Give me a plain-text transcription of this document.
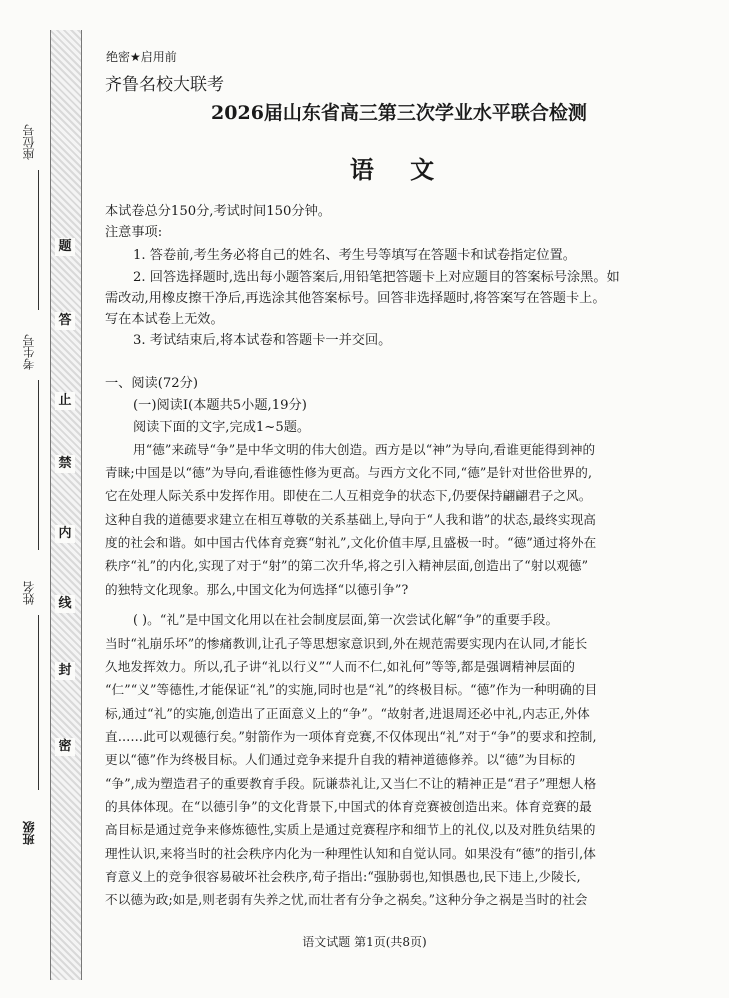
题
答
止
禁
内
线
封
密
座位号
考生号
姓名
班级
绝密★启用前
齐鲁名校大联考
2026届山东省高三第三次学业水平联合检测
语 文
本试卷总分150分,考试时间150分钟。
注意事项:
1. 答卷前,考生务必将自己的姓名、考生号等填写在答题卡和试卷指定位置。
2. 回答选择题时,选出每小题答案后,用铅笔把答题卡上对应题目的答案标号涂黑。如
需改动,用橡皮擦干净后,再选涂其他答案标号。回答非选择题时,将答案写在答题卡上。
写在本试卷上无效。
3. 考试结束后,将本试卷和答题卡一并交回。
一、阅读(72分)
(一)阅读Ⅰ(本题共5小题,19分)
阅读下面的文字,完成1~5题。
用“德”来疏导“争”是中华文明的伟大创造。西方是以“神”为导向,看谁更能得到神的
青睐;中国是以“德”为导向,看谁德性修为更高。与西方文化不同,“德”是针对世俗世界的,
它在处理人际关系中发挥作用。即使在二人互相竞争的状态下,仍要保持翩翩君子之风。
这种自我的道德要求建立在相互尊敬的关系基础上,导向于“人我和谐”的状态,最终实现高
度的社会和谐。如中国古代体育竞赛“射礼”,文化价值丰厚,且盛极一时。“德”通过将外在
秩序“礼”的内化,实现了对于“射”的第二次升华,将之引入精神层面,创造出了“射以观德”
的独特文化现象。那么,中国文化为何选择“以德引争”?
( )。“礼”是中国文化用以在社会制度层面,第一次尝试化解“争”的重要手段。
当时“礼崩乐坏”的惨痛教训,让孔子等思想家意识到,外在规范需要实现内在认同,才能长
久地发挥效力。所以,孔子讲“礼以行义”“人而不仁,如礼何”等等,都是强调精神层面的
“仁”“义”等德性,才能保证“礼”的实施,同时也是“礼”的终极目标。“德”作为一种明确的目
标,通过“礼”的实施,创造出了正面意义上的“争”。“故射者,进退周还必中礼,内志正,外体
直……此可以观德行矣。”射箭作为一项体育竞赛,不仅体现出“礼”对于“争”的要求和控制,
更以“德”作为终极目标。人们通过竞争来提升自我的精神道德修养。以“德”为目标的
“争”,成为塑造君子的重要教育手段。阮谦恭礼让,又当仁不让的精神正是“君子”理想人格
的具体体现。在“以德引争”的文化背景下,中国式的体育竞赛被创造出来。体育竞赛的最
高目标是通过竞争来修炼德性,实质上是通过竞赛程序和细节上的礼仪,以及对胜负结果的
理性认识,来将当时的社会秩序内化为一种理性认知和自觉认同。如果没有“德”的指引,体
育意义上的竞争很容易破坏社会秩序,荀子指出:“强胁弱也,知惧愚也,民下违上,少陵长,
不以德为政;如是,则老弱有失养之忧,而壮者有分争之祸矣。”这种分争之祸是当时的社会
语文试题 第1页(共8页)
